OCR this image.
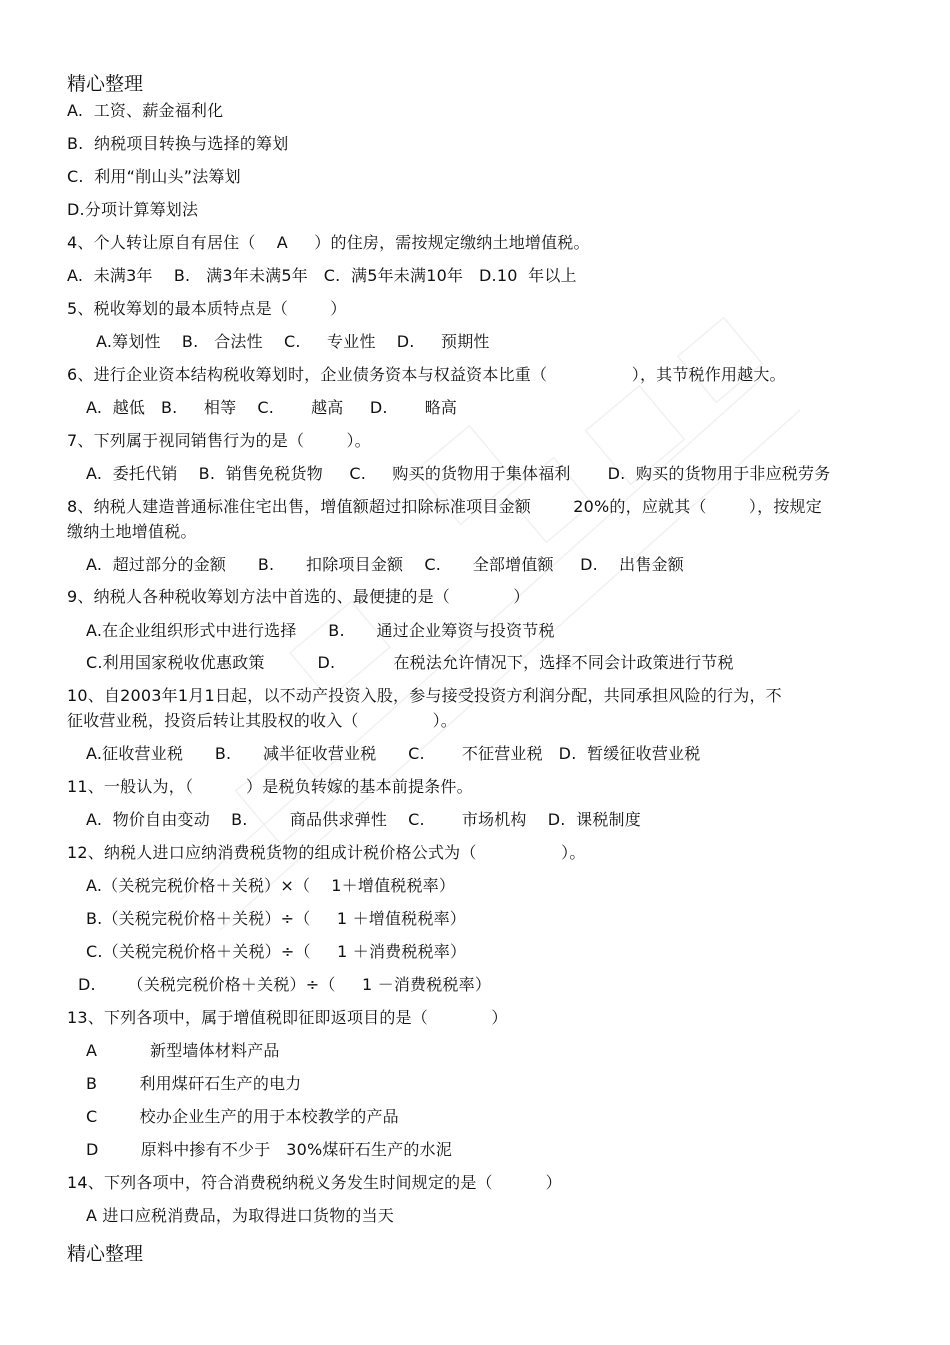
精心整理
A.  工资、薪金福利化
B.  纳税项目转换与选择的筹划
C.  利用“削山头”法筹划
D.分项计算筹划法
4、个人转让原自有居住（    A     ）的住房，需按规定缴纳土地增值税。
A.  未满3年    B.   满3年未满5年   C.  满5年未满10年   D.10  年以上
5、税收筹划的最本质特点是（        ）
A.筹划性    B.   合法性    C.     专业性    D.     预期性
6、进行企业资本结构税收筹划时，企业债务资本与权益资本比重（                ），其节税作用越大。
A.  越低   B.     相等    C.       越高     D.       略高
7、下列属于视同销售行为的是（        ）。
A.  委托代销    B.  销售免税货物     C.     购买的货物用于集体福利       D.  购买的货物用于非应税劳务
8、纳税人建造普通标准住宅出售，增值额超过扣除标准项目金额        20%的，应就其（        ），按规定
缴纳土地增值税。
A.  超过部分的金额      B.      扣除项目金额    C.      全部增值额     D.    出售金额
9、纳税人各种税收筹划方法中首选的、最便捷的是（            ）
A.在企业组织形式中进行选择      B.      通过企业筹资与投资节税
C.利用国家税收优惠政策          D.           在税法允许情况下，选择不同会计政策进行节税
10、自2003年1月1日起，以不动产投资入股，参与接受投资方利润分配，共同承担风险的行为，不
征收营业税，投资后转让其股权的收入（              ）。
A.征收营业税      B.      减半征收营业税      C.       不征营业税   D.  暂缓征收营业税
11、一般认为，（          ）是税负转嫁的基本前提条件。
A.  物价自由变动    B.        商品供求弹性    C.       市场机构    D.  课税制度
12、纳税人进口应纳消费税货物的组成计税价格公式为（                ）。
A.（关税完税价格＋关税）×（    1＋增值税税率）
B.（关税完税价格＋关税）÷（     1 ＋增值税税率）
C.（关税完税价格＋关税）÷（     1 ＋消费税税率）
D.      （关税完税价格＋关税）÷（     1 －消费税税率）
13、下列各项中，属于增值税即征即返项目的是（            ）
A          新型墙体材料产品
B        利用煤矸石生产的电力
C        校办企业生产的用于本校教学的产品
D        原料中掺有不少于   30%煤矸石生产的水泥
14、下列各项中，符合消费税纳税义务发生时间规定的是（          ）
A 进口应税消费品，为取得进口货物的当天
精心整理
